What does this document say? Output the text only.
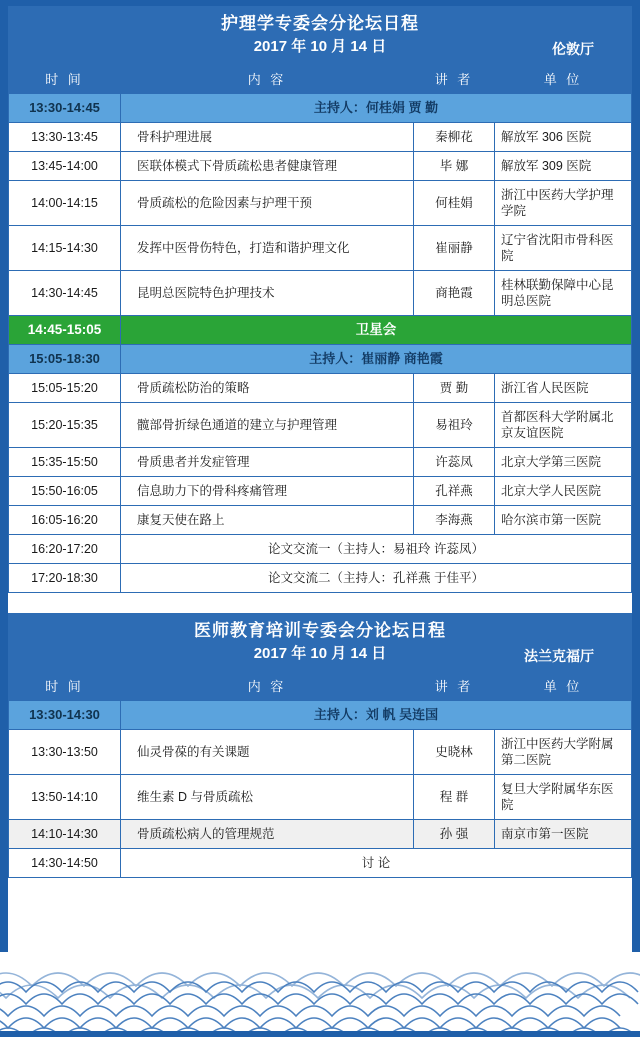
护理学专委会分论坛日程
2017 年 10 月 14 日	伦敦厅
时 间	内 容	讲 者	单 位
13:30-14:45	主持人：何桂娟 贾 勤		
13:30-13:45	骨科护理进展	秦柳花	解放军 306 医院
13:45-14:00	医联体模式下骨质疏松患者健康管理	毕 娜	解放军 309 医院
14:00-14:15	骨质疏松的危险因素与护理干预	何桂娟	浙江中医药大学护理学院
14:15-14:30	发挥中医骨伤特色，打造和谐护理文化	崔丽静	辽宁省沈阳市骨科医院
14:30-14:45	昆明总医院特色护理技术	商艳霞	桂林联勤保障中心昆明总医院
14:45-15:05	卫星会		
15:05-18:30	主持人：崔丽静 商艳霞		
15:05-15:20	骨质疏松防治的策略	贾 勤	浙江省人民医院
15:20-15:35	髋部骨折绿色通道的建立与护理管理	易祖玲	首都医科大学附属北京友谊医院
15:35-15:50	骨质患者并发症管理	许蕊凤	北京大学第三医院
15:50-16:05	信息助力下的骨科疼痛管理	孔祥燕	北京大学人民医院
16:05-16:20	康复天使在路上	李海燕	哈尔滨市第一医院
16:20-17:20	论文交流一（主持人：易祖玲 许蕊凤）		
17:20-18:30	论文交流二（主持人：孔祥燕 于佳平）		
医师教育培训专委会分论坛日程
2017 年 10 月 14 日	法兰克福厅
时 间	内 容	讲 者	单 位
13:30-14:30	主持人：刘 帆 吴连国		
13:30-13:50	仙灵骨葆的有关课题	史晓林	浙江中医药大学附属第二医院
13:50-14:10	维生素 D 与骨质疏松	程 群	复旦大学附属华东医院
14:10-14:30	骨质疏松病人的管理规范	孙 强	南京市第一医院
14:30-14:50	讨 论		
